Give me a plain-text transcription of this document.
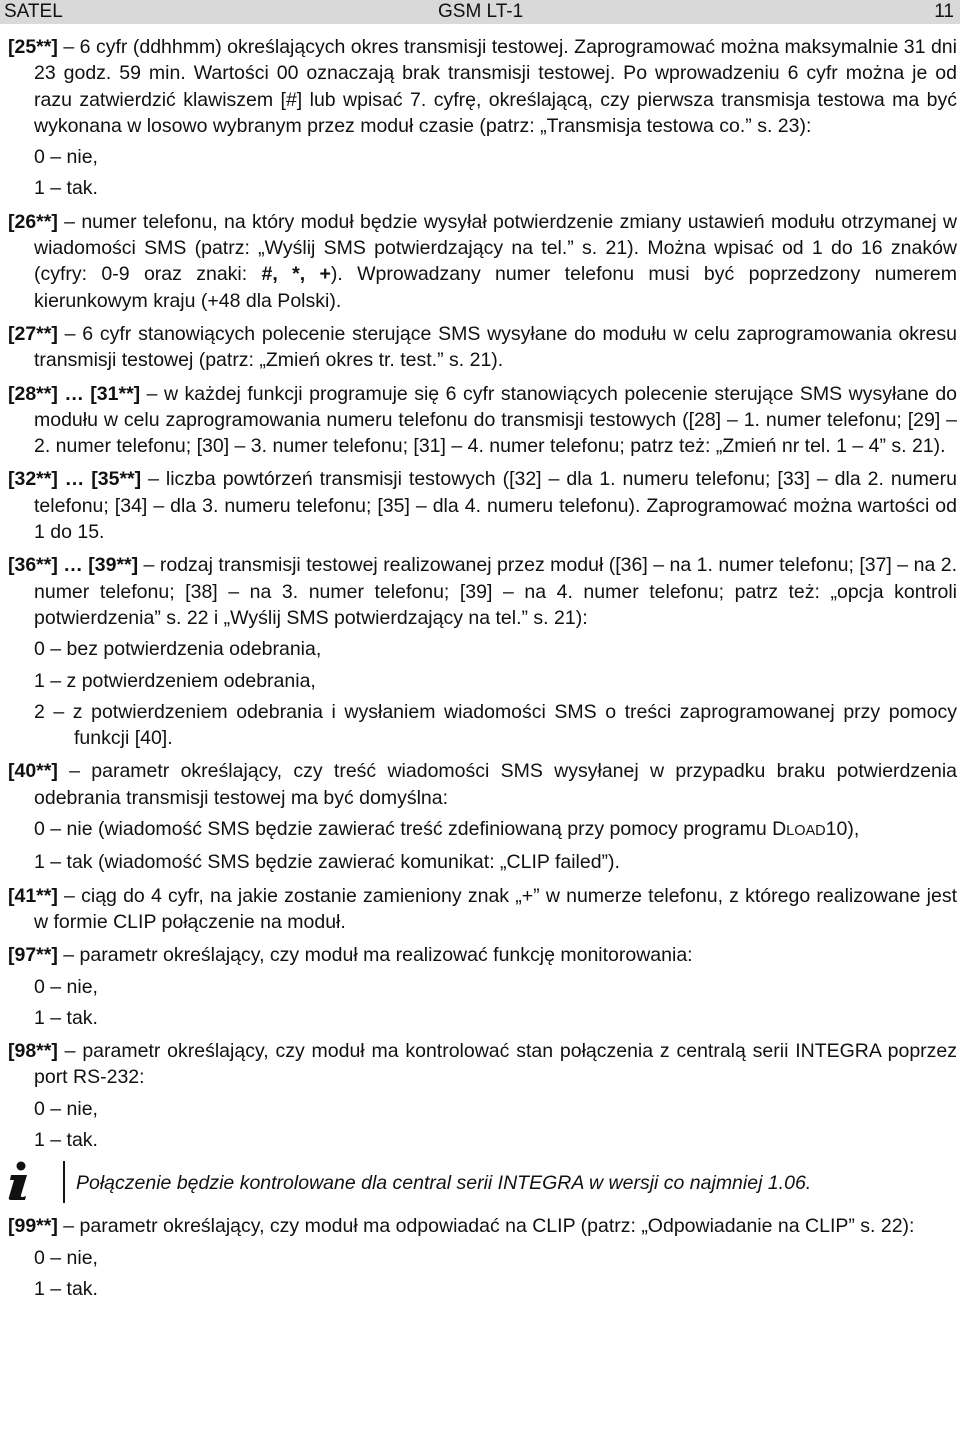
SATEL	GSM LT-1	11

[25**] – 6 cyfr (ddhhmm) określających okres transmisji testowej. Zaprogramować można maksymalnie 31 dni 23 godz. 59 min. Wartości 00 oznaczają brak transmisji testowej. Po wprowadzeniu 6 cyfr można je od razu zatwierdzić klawiszem [#] lub wpisać 7. cyfrę, określającą, czy pierwsza transmisja testowa ma być wykonana w losowo wybranym przez moduł czasie (patrz: „Transmisja testowa co.” s. 23):

0 – nie,

1 – tak.

[26**] – numer telefonu, na który moduł będzie wysyłał potwierdzenie zmiany ustawień modułu otrzymanej w wiadomości SMS (patrz: „Wyślij SMS potwierdzający na tel.” s. 21). Można wpisać od 1 do 16 znaków (cyfry: 0-9 oraz znaki: #, *, +). Wprowadzany numer telefonu musi być poprzedzony numerem kierunkowym kraju (+48 dla Polski).

[27**] – 6 cyfr stanowiących polecenie sterujące SMS wysyłane do modułu w celu zaprogramowania okresu transmisji testowej (patrz: „Zmień okres tr. test.” s. 21).

[28**] … [31**] – w każdej funkcji programuje się 6 cyfr stanowiących polecenie sterujące SMS wysyłane do modułu w celu zaprogramowania numeru telefonu do transmisji testowych ([28] – 1. numer telefonu; [29] – 2. numer telefonu; [30] – 3. numer telefonu; [31] – 4. numer telefonu; patrz też: „Zmień nr tel. 1 – 4” s. 21).

[32**] … [35**] – liczba powtórzeń transmisji testowych ([32] – dla 1. numeru telefonu; [33] – dla 2. numeru telefonu; [34] – dla 3. numeru telefonu; [35] – dla 4. numeru telefonu). Zaprogramować można wartości od 1 do 15.

[36**] … [39**] – rodzaj transmisji testowej realizowanej przez moduł ([36] – na 1. numer telefonu; [37] – na 2. numer telefonu; [38] – na 3. numer telefonu; [39] – na 4. numer telefonu; patrz też: „opcja kontroli potwierdzenia” s. 22 i „Wyślij SMS potwierdzający na tel.” s. 21):

0 – bez potwierdzenia odebrania,

1 – z potwierdzeniem odebrania,

2 – z potwierdzeniem odebrania i wysłaniem wiadomości SMS o treści zaprogramowanej przy pomocy funkcji [40].

[40**] – parametr określający, czy treść wiadomości SMS wysyłanej w przypadku braku potwierdzenia odebrania transmisji testowej ma być domyślna:

0 – nie (wiadomość SMS będzie zawierać treść zdefiniowaną przy pomocy programu DLOAD10),

1 – tak (wiadomość SMS będzie zawierać komunikat: „CLIP failed”).

[41**] – ciąg do 4 cyfr, na jakie zostanie zamieniony znak „+” w numerze telefonu, z którego realizowane jest w formie CLIP połączenie na moduł.

[97**] – parametr określający, czy moduł ma realizować funkcję monitorowania:

0 – nie,

1 – tak.

[98**] – parametr określający, czy moduł ma kontrolować stan połączenia z centralą serii INTEGRA poprzez port RS-232:

0 – nie,

1 – tak.

Połączenie będzie kontrolowane dla central serii INTEGRA w wersji co najmniej 1.06.

[99**] – parametr określający, czy moduł ma odpowiadać na CLIP (patrz: „Odpowiadanie na CLIP” s. 22):

0 – nie,

1 – tak.
